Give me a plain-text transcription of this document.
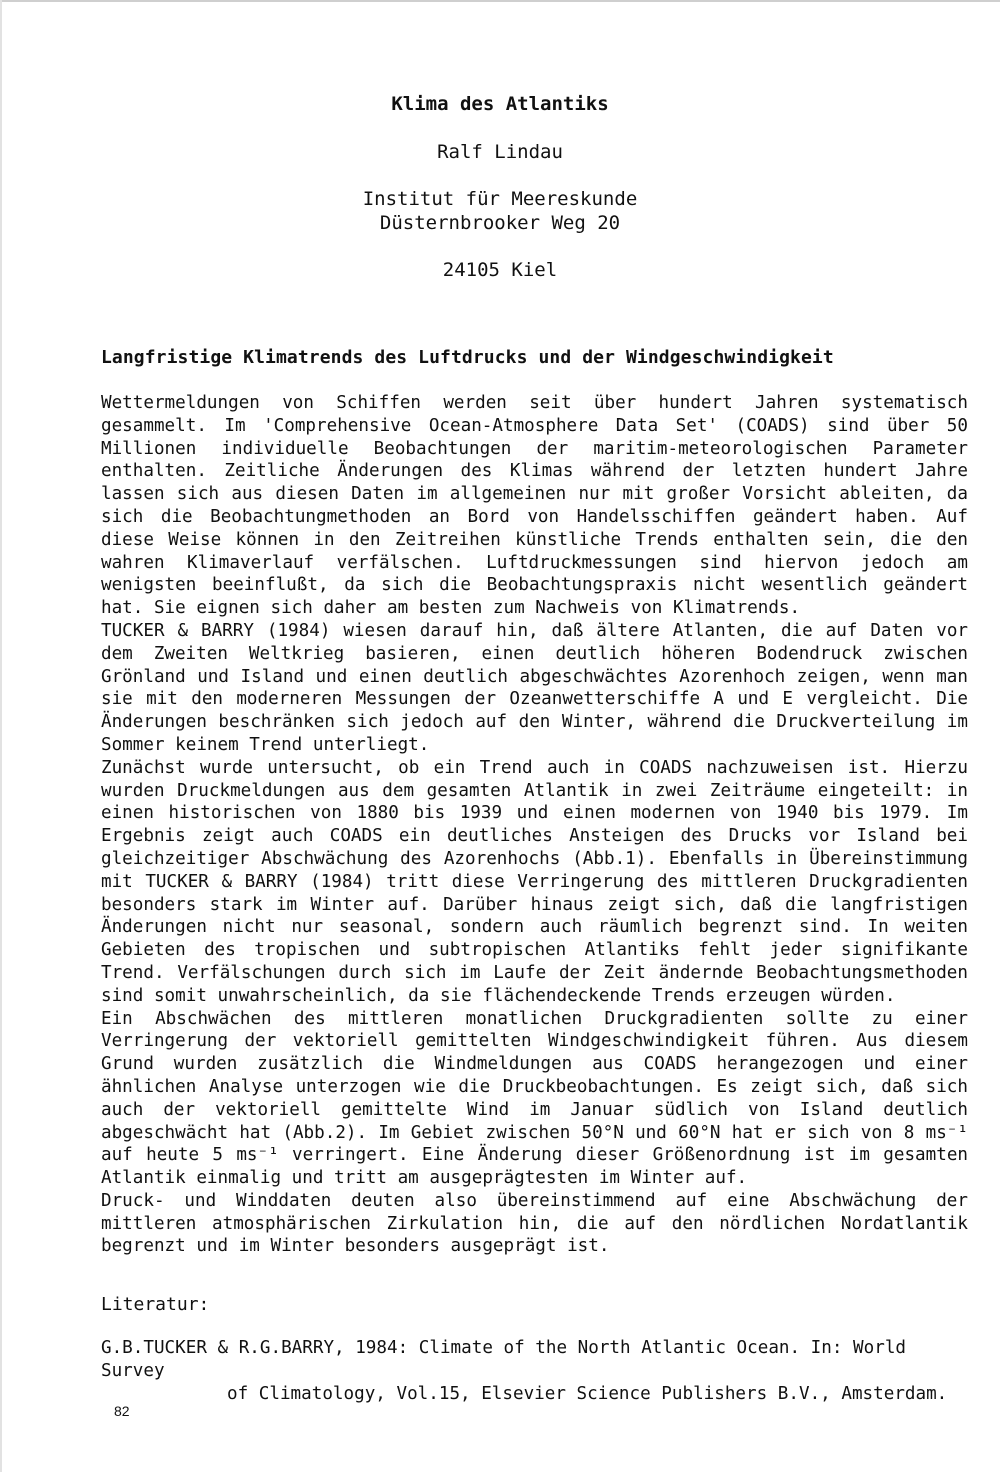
Klima des Atlantiks
Ralf Lindau
Institut für Meereskunde
Düsternbrooker Weg 20
24105 Kiel
Langfristige Klimatrends des Luftdrucks und der Windgeschwindigkeit

Wettermeldungen von Schiffen werden seit über hundert Jahren systematisch gesammelt. Im 'Comprehensive Ocean-Atmosphere Data Set' (COADS) sind über 50 Millionen individuelle Beobachtungen der maritim-meteorologischen Parameter enthalten. Zeitliche Änderungen des Klimas während der letzten hundert Jahre lassen sich aus diesen Daten im allgemeinen nur mit großer Vorsicht ableiten, da sich die Beobachtungmethoden an Bord von Handelsschiffen geändert haben. Auf diese Weise können in den Zeitreihen künstliche Trends enthalten sein, die den wahren Klimaverlauf verfälschen. Luftdruckmessungen sind hiervon jedoch am wenigsten beeinflußt, da sich die Beobachtungspraxis nicht wesentlich geändert hat. Sie eignen sich daher am besten zum Nachweis von Klimatrends.

TUCKER & BARRY (1984) wiesen darauf hin, daß ältere Atlanten, die auf Daten vor dem Zweiten Weltkrieg basieren, einen deutlich höheren Bodendruck zwischen Grönland und Island und einen deutlich abgeschwächtes Azorenhoch zeigen, wenn man sie mit den moderneren Messungen der Ozeanwetterschiffe A und E vergleicht. Die Änderungen beschränken sich jedoch auf den Winter, während die Druckverteilung im Sommer keinem Trend unterliegt.

Zunächst wurde untersucht, ob ein Trend auch in COADS nachzuweisen ist. Hierzu wurden Druckmeldungen aus dem gesamten Atlantik in zwei Zeiträume eingeteilt: in einen historischen von 1880 bis 1939 und einen modernen von 1940 bis 1979. Im Ergebnis zeigt auch COADS ein deutliches Ansteigen des Drucks vor Island bei gleichzeitiger Abschwächung des Azorenhochs (Abb.1). Ebenfalls in Übereinstimmung mit TUCKER & BARRY (1984) tritt diese Verringerung des mittleren Druckgradienten besonders stark im Winter auf. Darüber hinaus zeigt sich, daß die langfristigen Änderungen nicht nur seasonal, sondern auch räumlich begrenzt sind. In weiten Gebieten des tropischen und subtropischen Atlantiks fehlt jeder signifikante Trend. Verfälschungen durch sich im Laufe der Zeit ändernde Beobachtungsmethoden sind somit unwahrscheinlich, da sie flächendeckende Trends erzeugen würden.

Ein Abschwächen des mittleren monatlichen Druckgradienten sollte zu einer Verringerung der vektoriell gemittelten Windgeschwindigkeit führen. Aus diesem Grund wurden zusätzlich die Windmeldungen aus COADS herangezogen und einer ähnlichen Analyse unterzogen wie die Druckbeobachtungen. Es zeigt sich, daß sich auch der vektoriell gemittelte Wind im Januar südlich von Island deutlich abgeschwächt hat (Abb.2). Im Gebiet zwischen 50°N und 60°N hat er sich von 8 ms⁻¹ auf heute 5 ms⁻¹ verringert. Eine Änderung dieser Größenordnung ist im gesamten Atlantik einmalig und tritt am ausgeprägtesten im Winter auf.

Druck- und Winddaten deuten also übereinstimmend auf eine Abschwächung der mittleren atmosphärischen Zirkulation hin, die auf den nördlichen Nordatlantik begrenzt und im Winter besonders ausgeprägt ist.

Literatur:
G.B.TUCKER & R.G.BARRY, 1984: Climate of the North Atlantic Ocean. In: World Survey
of Climatology, Vol.15, Elsevier Science Publishers B.V., Amsterdam.
82
